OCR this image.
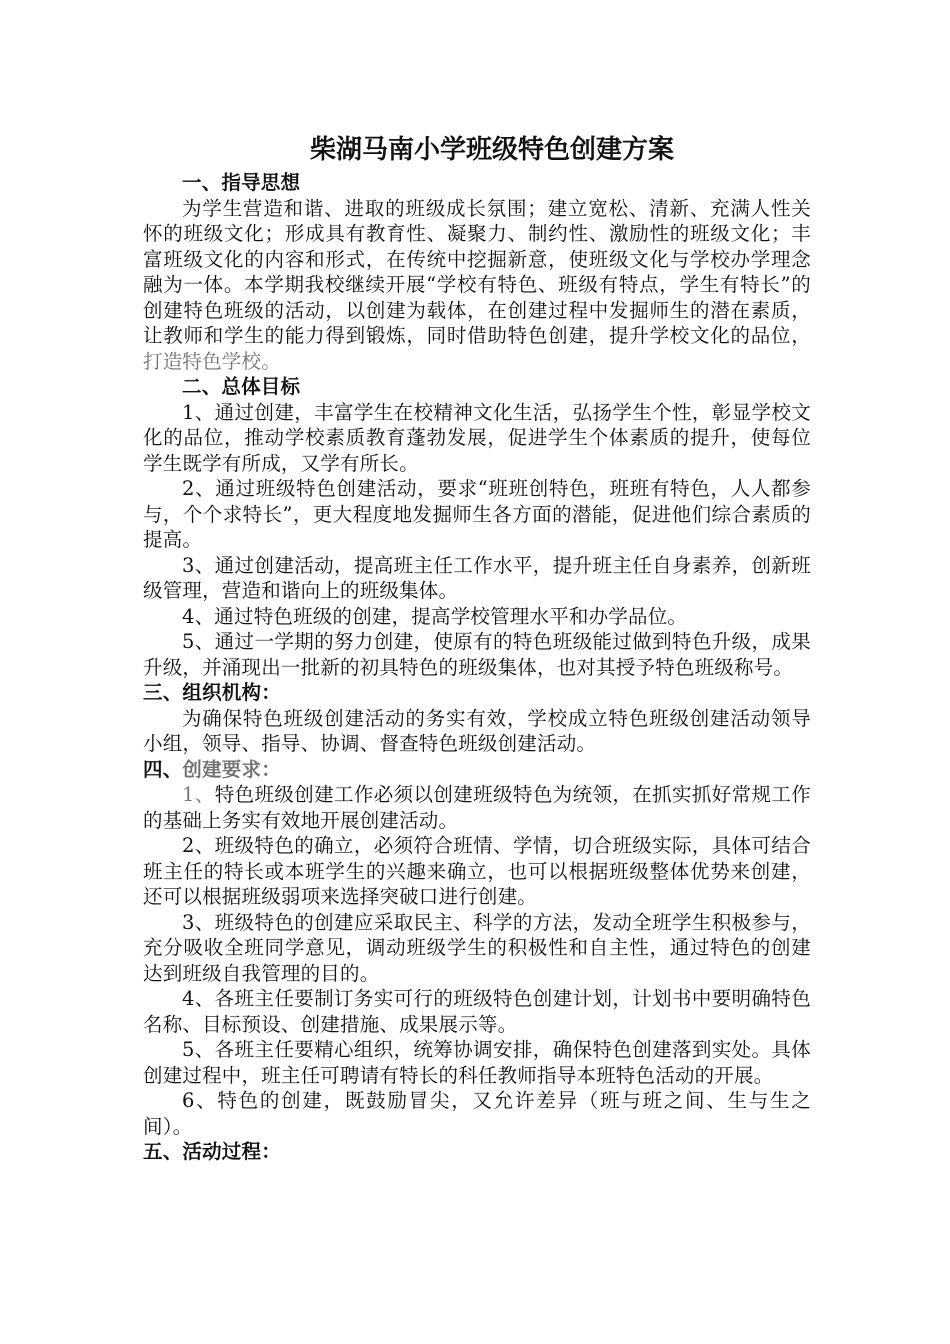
柴湖马南小学班级特色创建方案

一、指导思想

为学生营造和谐、进取的班级成长氛围；建立宽松、清新、充满人性关怀的班级文化；形成具有教育性、凝聚力、制约性、激励性的班级文化；丰富班级文化的内容和形式，在传统中挖掘新意，使班级文化与学校办学理念融为一体。本学期我校继续开展“学校有特色、班级有特点，学生有特长”的创建特色班级的活动，以创建为载体，在创建过程中发掘师生的潜在素质，让教师和学生的能力得到锻炼，同时借助特色创建，提升学校文化的品位，打造特色学校。

二、总体目标

1、通过创建，丰富学生在校精神文化生活，弘扬学生个性，彰显学校文化的品位，推动学校素质教育蓬勃发展，促进学生个体素质的提升，使每位学生既学有所成，又学有所长。

2、通过班级特色创建活动，要求“班班创特色，班班有特色，人人都参与，个个求特长”，更大程度地发掘师生各方面的潜能，促进他们综合素质的提高。

3、通过创建活动，提高班主任工作水平，提升班主任自身素养，创新班级管理，营造和谐向上的班级集体。

4、通过特色班级的创建，提高学校管理水平和办学品位。

5、通过一学期的努力创建，使原有的特色班级能过做到特色升级，成果升级，并涌现出一批新的初具特色的班级集体，也对其授予特色班级称号。

三、组织机构：

为确保特色班级创建活动的务实有效，学校成立特色班级创建活动领导小组，领导、指导、协调、督查特色班级创建活动。

四、创建要求：

1、特色班级创建工作必须以创建班级特色为统领，在抓实抓好常规工作的基础上务实有效地开展创建活动。

2、班级特色的确立，必须符合班情、学情，切合班级实际，具体可结合班主任的特长或本班学生的兴趣来确立，也可以根据班级整体优势来创建，还可以根据班级弱项来选择突破口进行创建。

3、班级特色的创建应采取民主、科学的方法，发动全班学生积极参与，充分吸收全班同学意见，调动班级学生的积极性和自主性，通过特色的创建达到班级自我管理的目的。

4、各班主任要制订务实可行的班级特色创建计划，计划书中要明确特色名称、目标预设、创建措施、成果展示等。

5、各班主任要精心组织，统筹协调安排，确保特色创建落到实处。具体创建过程中，班主任可聘请有特长的科任教师指导本班特色活动的开展。

6、特色的创建，既鼓励冒尖，又允许差异（班与班之间、生与生之间）。

五、活动过程：
